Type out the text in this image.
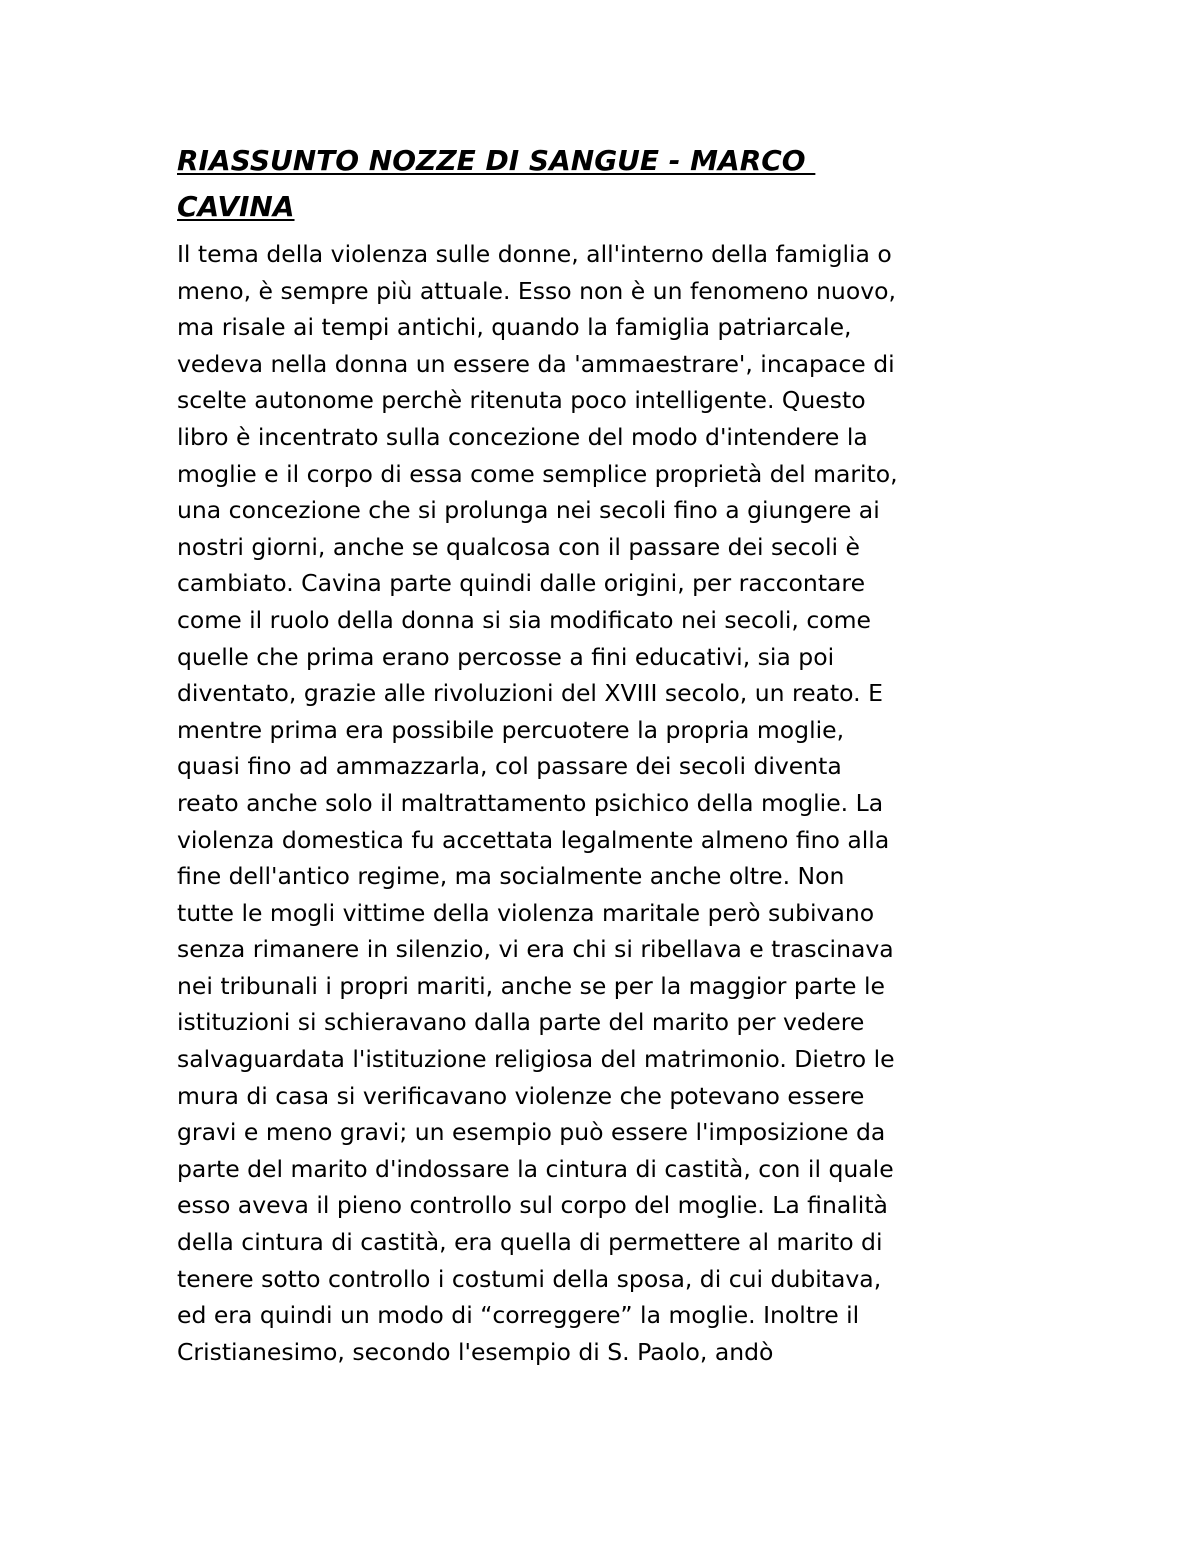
RIASSUNTO NOZZE DI SANGUE - MARCO
CAVINA

Il tema della violenza sulle donne, all'interno della famiglia o
meno, è sempre più attuale. Esso non è un fenomeno nuovo,
ma risale ai tempi antichi, quando la famiglia patriarcale,
vedeva nella donna un essere da 'ammaestrare', incapace di
scelte autonome perchè ritenuta poco intelligente. Questo
libro è incentrato sulla concezione del modo d'intendere la
moglie e il corpo di essa come semplice proprietà del marito,
una concezione che si prolunga nei secoli fino a giungere ai
nostri giorni, anche se qualcosa con il passare dei secoli è
cambiato. Cavina parte quindi dalle origini, per raccontare
come il ruolo della donna si sia modificato nei secoli, come
quelle che prima erano percosse a fini educativi, sia poi
diventato, grazie alle rivoluzioni del XVIII secolo, un reato. E
mentre prima era possibile percuotere la propria moglie,
quasi fino ad ammazzarla, col passare dei secoli diventa
reato anche solo il maltrattamento psichico della moglie. La
violenza domestica fu accettata legalmente almeno fino alla
fine dell'antico regime, ma socialmente anche oltre. Non
tutte le mogli vittime della violenza maritale però subivano
senza rimanere in silenzio, vi era chi si ribellava e trascinava
nei tribunali i propri mariti, anche se per la maggior parte le
istituzioni si schieravano dalla parte del marito per vedere
salvaguardata l'istituzione religiosa del matrimonio. Dietro le
mura di casa si verificavano violenze che potevano essere
gravi e meno gravi; un esempio può essere l'imposizione da
parte del marito d'indossare la cintura di castità, con il quale
esso aveva il pieno controllo sul corpo del moglie. La finalità
della cintura di castità, era quella di permettere al marito di
tenere sotto controllo i costumi della sposa, di cui dubitava,
ed era quindi un modo di “correggere” la moglie. Inoltre il
Cristianesimo, secondo l'esempio di S. Paolo, andò
